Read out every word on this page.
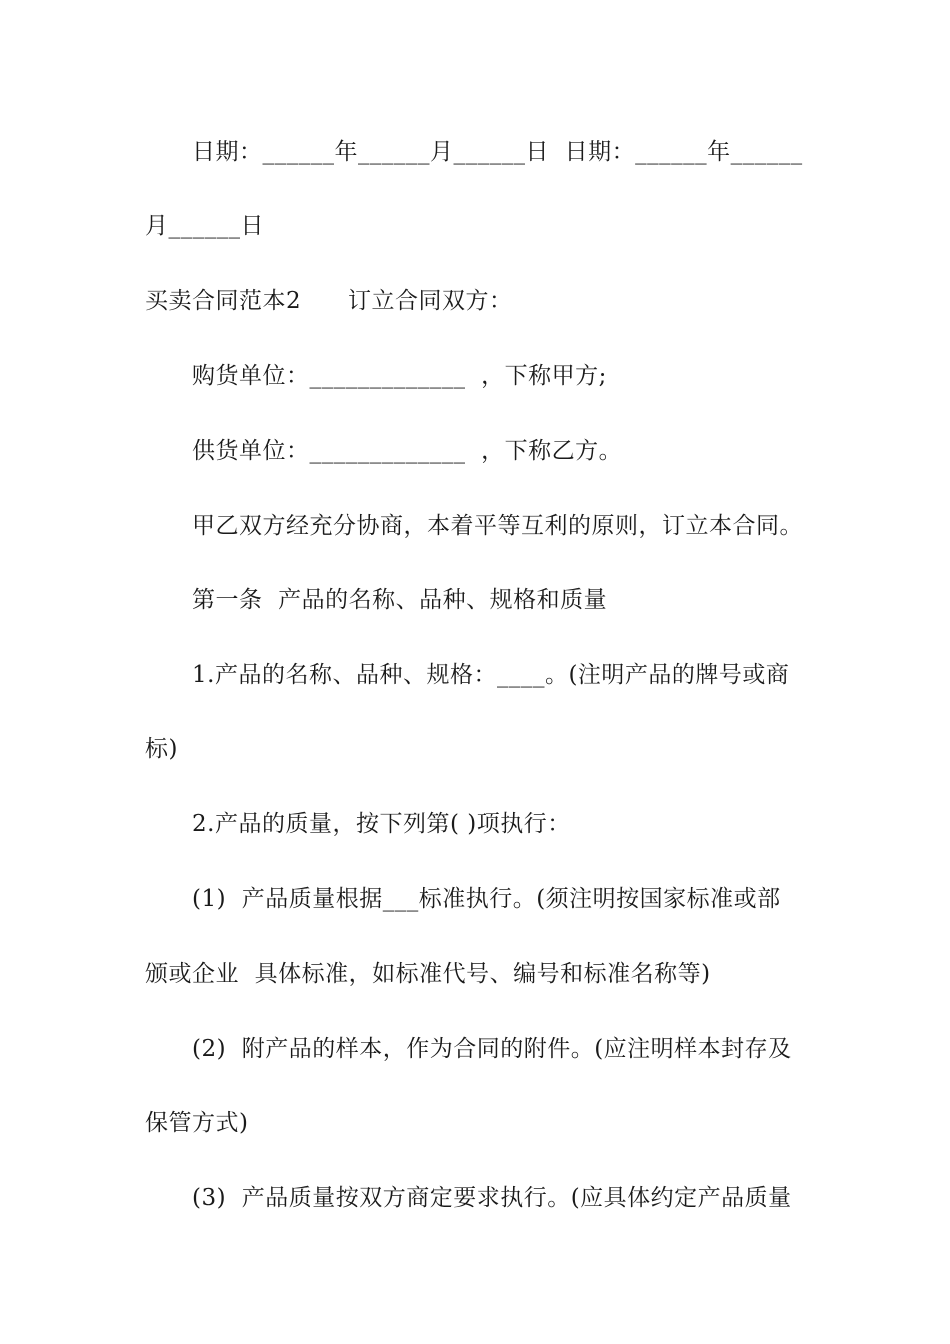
日期：______年______月______日  日期：______年______
月______日
买卖合同范本2      订立合同双方：
购货单位：_____________  ，下称甲方;
供货单位：_____________  ，下称乙方。
甲乙双方经充分协商，本着平等互利的原则，订立本合同。
第一条  产品的名称、品种、规格和质量
1.产品的名称、品种、规格：____。(注明产品的牌号或商
标)
2.产品的质量，按下列第( )项执行：
(1)  产品质量根据___标准执行。(须注明按国家标准或部
颁或企业  具体标准，如标准代号、编号和标准名称等)
(2)  附产品的样本，作为合同的附件。(应注明样本封存及
保管方式)
(3)  产品质量按双方商定要求执行。(应具体约定产品质量
